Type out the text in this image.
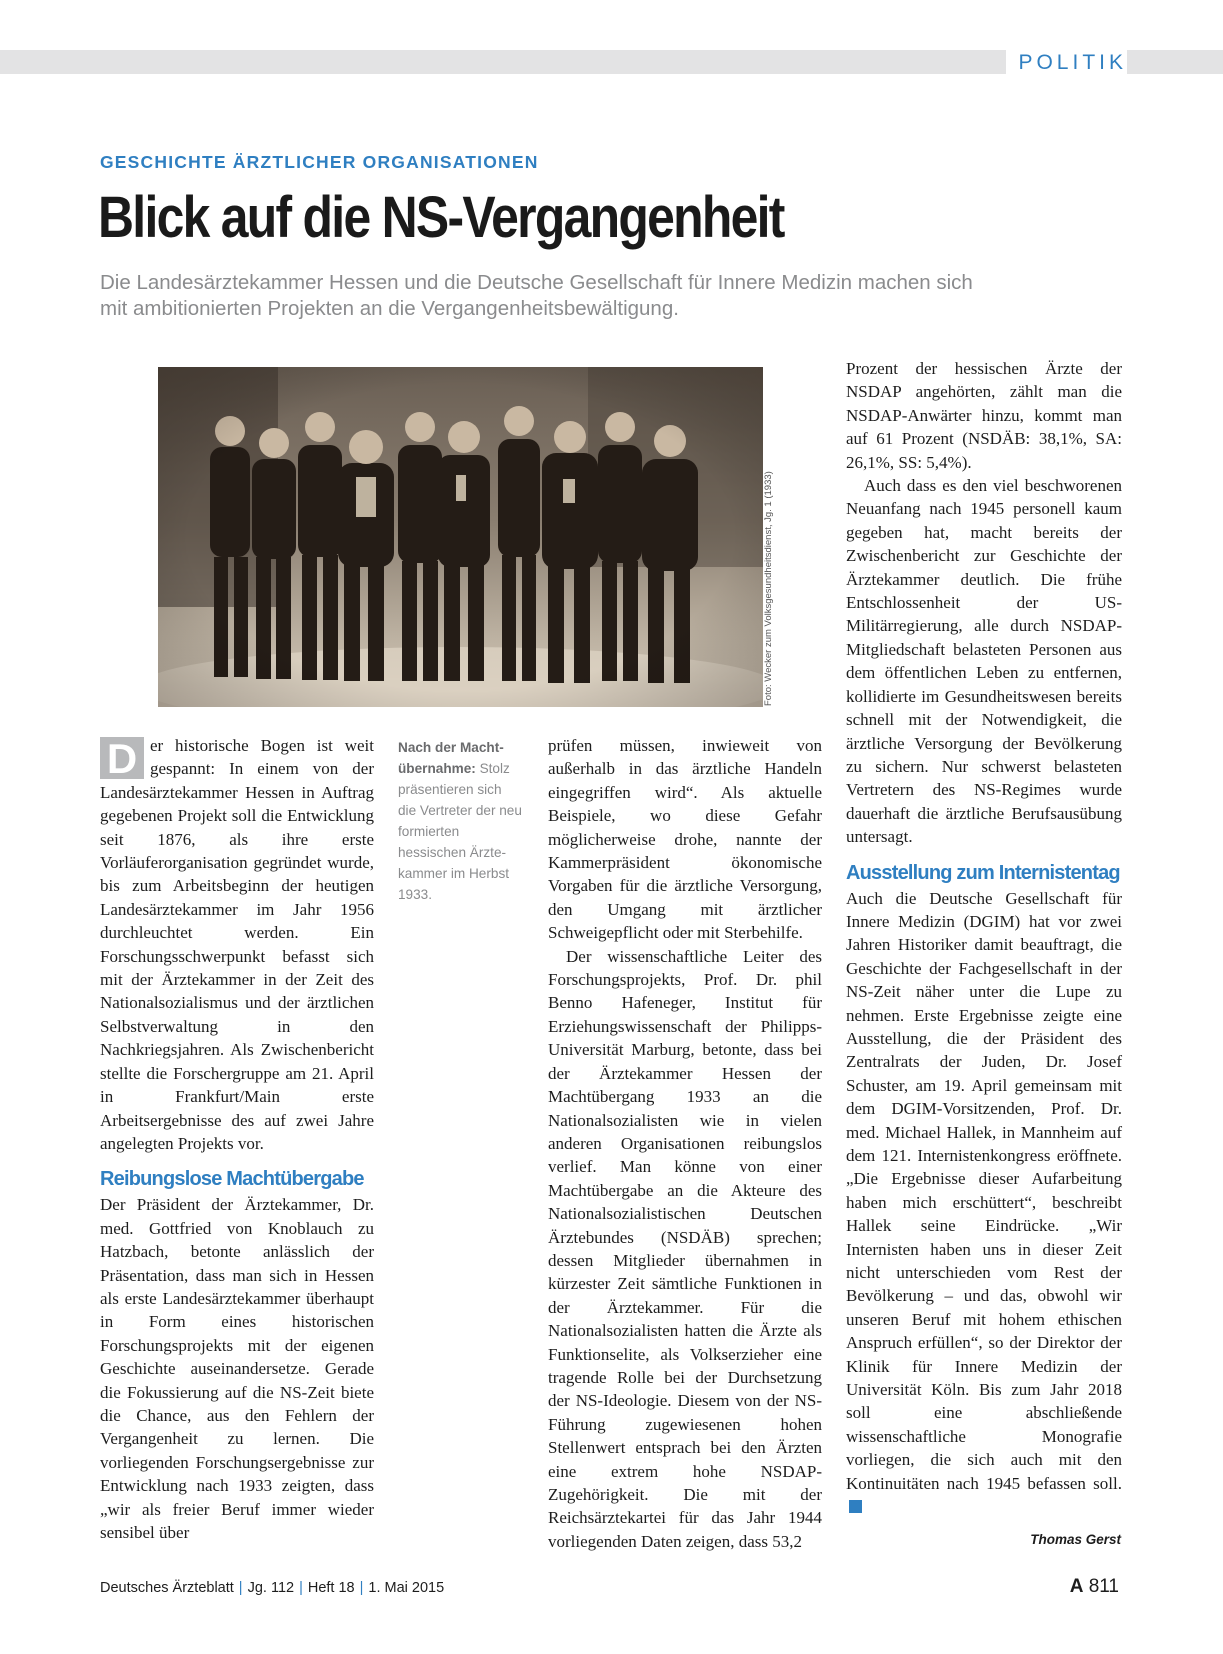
POLITIK
GESCHICHTE ÄRZTLICHER ORGANISATIONEN
Blick auf die NS-Vergangenheit
Die Landesärztekammer Hessen und die Deutsche Gesellschaft für Innere Medizin machen sich mit ambitionierten Projekten an die Vergangenheitsbewältigung.
Foto: Wecker zum Volksgesundheitsdienst, Jg. 1 (1933)

D er historische Bogen ist weit gespannt: In einem von der Landesärztekammer Hessen in Auftrag gegebenen Projekt soll die Entwicklung seit 1876, als ihre erste Vorläuferorganisation gegründet wurde, bis zum Arbeitsbeginn der heutigen Landesärztekammer im Jahr 1956 durchleuchtet werden. Ein Forschungsschwerpunkt befasst sich mit der Ärztekammer in der Zeit des Nationalsozialismus und der ärztlichen Selbstverwaltung in den Nachkriegsjahren. Als Zwischenbericht stellte die Forschergruppe am 21. April in Frankfurt/Main erste Arbeitsergebnisse des auf zwei Jahre angelegten Projekts vor.

Reibungslose Machtübergabe

Der Präsident der Ärztekammer, Dr. med. Gottfried von Knoblauch zu Hatzbach, betonte anlässlich der Präsentation, dass man sich in Hessen als erste Landesärztekammer überhaupt in Form eines historischen Forschungsprojekts mit der eigenen Geschichte auseinandersetze. Gerade die Fokussierung auf die NS-Zeit biete die Chance, aus den Fehlern der Vergangenheit zu lernen. Die vorliegenden Forschungsergebnisse zur Entwicklung nach 1933 zeigten, dass „wir als freier Beruf immer wieder sensibel über

Nach der Machtübernahme: Stolz präsentieren sich die Vertreter der neu formierten hessischen Ärztekammer im Herbst 1933.

prüfen müssen, inwieweit von außerhalb in das ärztliche Handeln eingegriffen wird“. Als aktuelle Beispiele, wo diese Gefahr möglicherweise drohe, nannte der Kammerpräsident ökonomische Vorgaben für die ärztliche Versorgung, den Umgang mit ärztlicher Schweigepflicht oder mit Sterbehilfe.

Der wissenschaftliche Leiter des Forschungsprojekts, Prof. Dr. phil Benno Hafeneger, Institut für Erziehungswissenschaft der Philipps-Universität Marburg, betonte, dass bei der Ärztekammer Hessen der Machtübergang 1933 an die Nationalsozialisten wie in vielen anderen Organisationen reibungslos verlief. Man könne von einer Machtübergabe an die Akteure des Nationalsozialistischen Deutschen Ärztebundes (NSDÄB) sprechen; dessen Mitglieder übernahmen in kürzester Zeit sämtliche Funktionen in der Ärztekammer. Für die Nationalsozialisten hatten die Ärzte als Funktionselite, als Volkserzieher eine tragende Rolle bei der Durchsetzung der NS-Ideologie. Diesem von der NS-Führung zugewiesenen hohen Stellenwert entsprach bei den Ärzten eine extrem hohe NSDAP-Zugehörigkeit. Die mit der Reichsärztekartei für das Jahr 1944 vorliegenden Daten zeigen, dass 53,2

Prozent der hessischen Ärzte der NSDAP angehörten, zählt man die NSDAP-Anwärter hinzu, kommt man auf 61 Prozent (NSDÄB: 38,1%, SA: 26,1%, SS: 5,4%).

Auch dass es den viel beschworenen Neuanfang nach 1945 personell kaum gegeben hat, macht bereits der Zwischenbericht zur Geschichte der Ärztekammer deutlich. Die frühe Entschlossenheit der US-Militärregierung, alle durch NSDAP-Mitgliedschaft belasteten Personen aus dem öffentlichen Leben zu entfernen, kollidierte im Gesundheitswesen bereits schnell mit der Notwendigkeit, die ärztliche Versorgung der Bevölkerung zu sichern. Nur schwerst belasteten Vertretern des NS-Regimes wurde dauerhaft die ärztliche Berufsausübung untersagt.

Ausstellung zum Internistentag

Auch die Deutsche Gesellschaft für Innere Medizin (DGIM) hat vor zwei Jahren Historiker damit beauftragt, die Geschichte der Fachgesellschaft in der NS-Zeit näher unter die Lupe zu nehmen. Erste Ergebnisse zeigte eine Ausstellung, die der Präsident des Zentralrats der Juden, Dr. Josef Schuster, am 19. April gemeinsam mit dem DGIM-Vorsitzenden, Prof. Dr. med. Michael Hallek, in Mannheim auf dem 121. Internistenkongress eröffnete. „Die Ergebnisse dieser Aufarbeitung haben mich erschüttert“, beschreibt Hallek seine Eindrücke. „Wir Internisten haben uns in dieser Zeit nicht unterschieden vom Rest der Bevölkerung – und das, obwohl wir unseren Beruf mit hohem ethischen Anspruch erfüllen“, so der Direktor der Klinik für Innere Medizin der Universität Köln. Bis zum Jahr 2018 soll eine abschließende wissenschaftliche Monografie vorliegen, die sich auch mit den Kontinuitäten nach 1945 befassen soll.

Thomas Gerst
Deutsches Ärzteblatt | Jg. 112 | Heft 18 | 1. Mai 2015	A 811
